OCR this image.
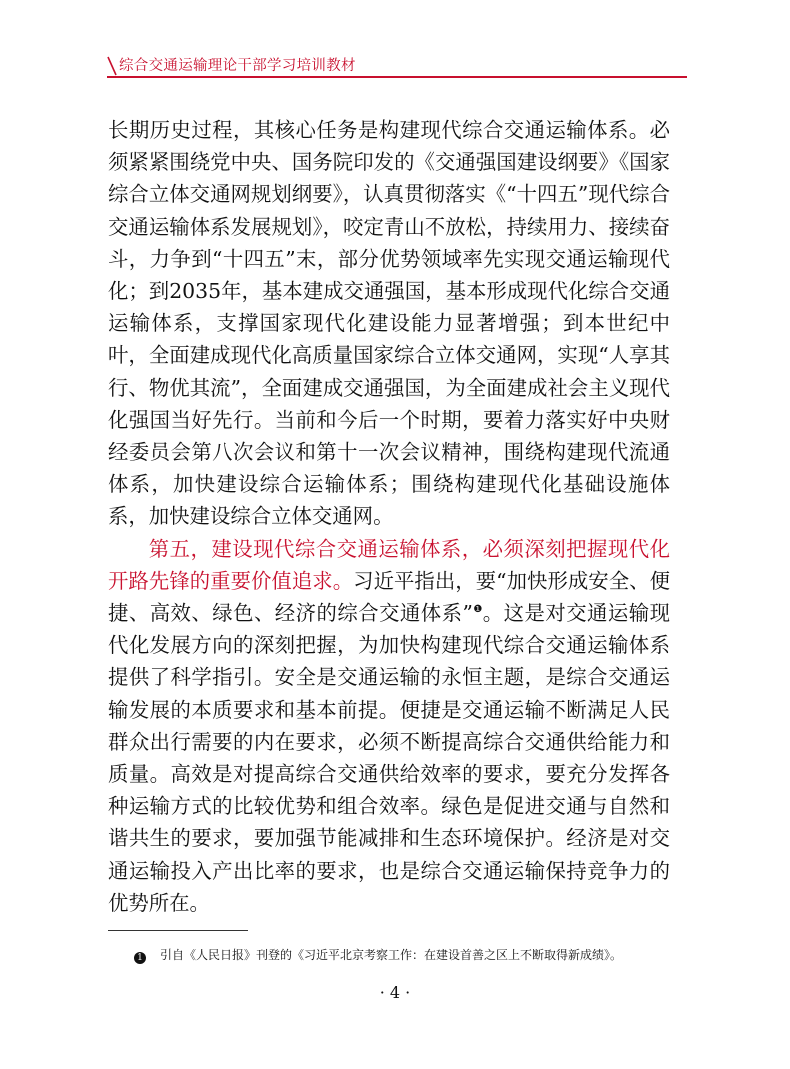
综合交通运输理论干部学习培训教材

长期历史过程，其核心任务是构建现代综合交通运输体系。必须紧紧围绕党中央、国务院印发的《交通强国建设纲要》《国家综合立体交通网规划纲要》，认真贯彻落实《“十四五”现代综合交通运输体系发展规划》，咬定青山不放松，持续用力、接续奋斗，力争到“十四五”末，部分优势领域率先实现交通运输现代化；到2035年，基本建成交通强国，基本形成现代化综合交通运输体系，支撑国家现代化建设能力显著增强；到本世纪中叶，全面建成现代化高质量国家综合立体交通网，实现“人享其行、物优其流”，全面建成交通强国，为全面建成社会主义现代化强国当好先行。当前和今后一个时期，要着力落实好中央财经委员会第八次会议和第十一次会议精神，围绕构建现代流通体系，加快建设综合运输体系；围绕构建现代化基础设施体系，加快建设综合立体交通网。

第五，建设现代综合交通运输体系，必须深刻把握现代化开路先锋的重要价值追求。习近平指出，要“加快形成安全、便捷、高效、绿色、经济的综合交通体系”$^❶$。这是对交通运输现代化发展方向的深刻把握，为加快构建现代综合交通运输体系提供了科学指引。安全是交通运输的永恒主题，是综合交通运输发展的本质要求和基本前提。便捷是交通运输不断满足人民群众出行需要的内在要求，必须不断提高综合交通供给能力和质量。高效是对提高综合交通供给效率的要求，要充分发挥各种运输方式的比较优势和组合效率。绿色是促进交通与自然和谐共生的要求，要加强节能减排和生态环境保护。经济是对交通运输投入产出比率的要求，也是综合交通运输保持竞争力的优势所在。

1 引自《人民日报》刊登的《习近平北京考察工作：在建设首善之区上不断取得新成绩》。
· 4 ·
